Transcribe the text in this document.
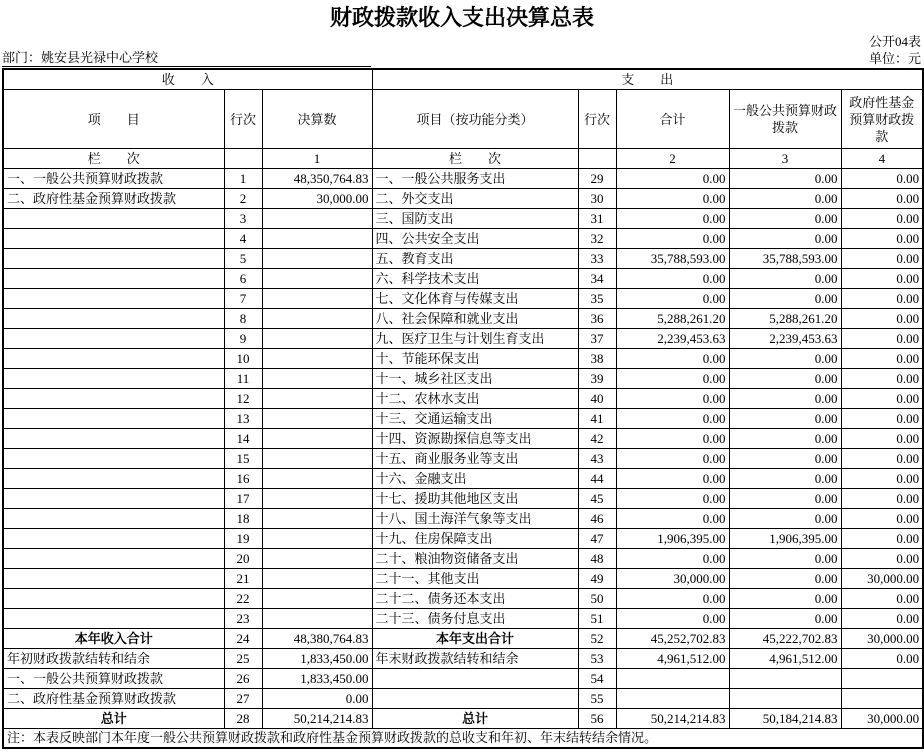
财政拨款收入支出决算总表
公开04表
部门：姚安县光禄中心学校	单位：元
收　　入			支　　出				
项　　目	行次	决算数	项目（按功能分类）	行次	合计	一般公共预算财政拨款	政府性基金预算财政拨款
栏　　次		1	栏　　次		2	3	4
一、一般公共预算财政拨款	1	48,350,764.83	一、一般公共服务支出	29	0.00	0.00	0.00
二、政府性基金预算财政拨款	2	30,000.00	二、外交支出	30	0.00	0.00	0.00
	3		三、国防支出	31	0.00	0.00	0.00
	4		四、公共安全支出	32	0.00	0.00	0.00
	5		五、教育支出	33	35,788,593.00	35,788,593.00	0.00
	6		六、科学技术支出	34	0.00	0.00	0.00
	7		七、文化体育与传媒支出	35	0.00	0.00	0.00
	8		八、社会保障和就业支出	36	5,288,261.20	5,288,261.20	0.00
	9		九、医疗卫生与计划生育支出	37	2,239,453.63	2,239,453.63	0.00
	10		十、节能环保支出	38	0.00	0.00	0.00
	11		十一、城乡社区支出	39	0.00	0.00	0.00
	12		十二、农林水支出	40	0.00	0.00	0.00
	13		十三、交通运输支出	41	0.00	0.00	0.00
	14		十四、资源勘探信息等支出	42	0.00	0.00	0.00
	15		十五、商业服务业等支出	43	0.00	0.00	0.00
	16		十六、金融支出	44	0.00	0.00	0.00
	17		十七、援助其他地区支出	45	0.00	0.00	0.00
	18		十八、国土海洋气象等支出	46	0.00	0.00	0.00
	19		十九、住房保障支出	47	1,906,395.00	1,906,395.00	0.00
	20		二十、粮油物资储备支出	48	0.00	0.00	0.00
	21		二十一、其他支出	49	30,000.00	0.00	30,000.00
	22		二十二、债务还本支出	50	0.00	0.00	0.00
	23		二十三、债务付息支出	51	0.00	0.00	0.00
本年收入合计	24	48,380,764.83	本年支出合计	52	45,252,702.83	45,222,702.83	30,000.00
年初财政拨款结转和结余	25	1,833,450.00	年末财政拨款结转和结余	53	4,961,512.00	4,961,512.00	0.00
一、一般公共预算财政拨款	26	1,833,450.00		54			
二、政府性基金预算财政拨款	27	0.00		55			
总计	28	50,214,214.83	总计	56	50,214,214.83	50,184,214.83	30,000.00
注：本表反映部门本年度一般公共预算财政拨款和政府性基金预算财政拨款的总收支和年初、年末结转结余情况。							
